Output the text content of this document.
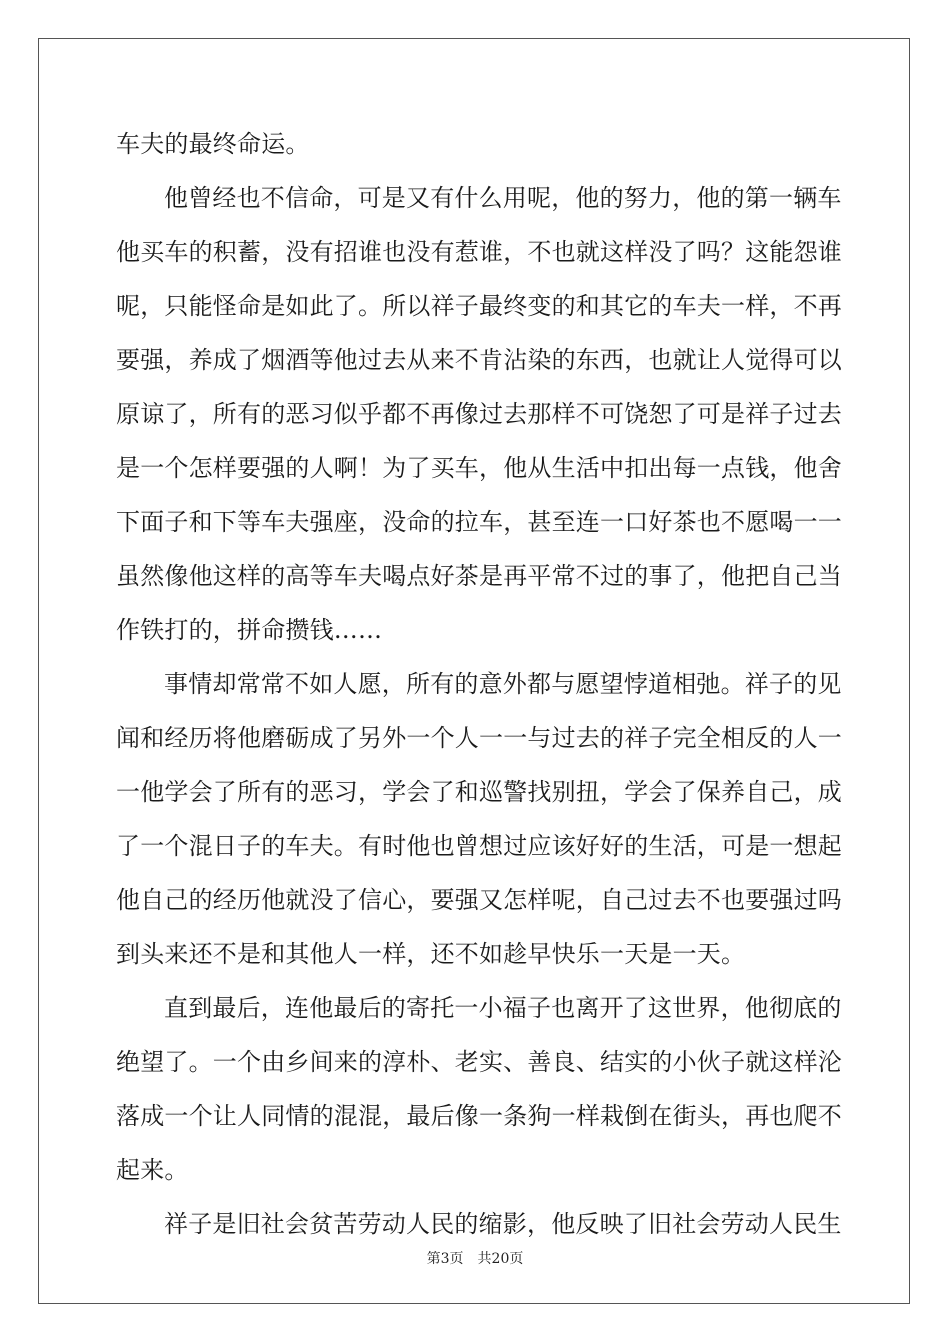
车夫的最终命运。
他曾经也不信命，可是又有什么用呢，他的努力，他的第一辆车
他买车的积蓄，没有招谁也没有惹谁，不也就这样没了吗？这能怨谁
呢，只能怪命是如此了。所以祥子最终变的和其它的车夫一样，不再
要强，养成了烟酒等他过去从来不肯沾染的东西，也就让人觉得可以
原谅了，所有的恶习似乎都不再像过去那样不可饶恕了可是祥子过去
是一个怎样要强的人啊！为了买车，他从生活中扣出每一点钱，他舍
下面子和下等车夫强座，没命的拉车，甚至连一口好茶也不愿喝一一
虽然像他这样的高等车夫喝点好茶是再平常不过的事了，他把自己当
作铁打的，拼命攒钱……
事情却常常不如人愿，所有的意外都与愿望悖道相弛。祥子的见
闻和经历将他磨砺成了另外一个人一一与过去的祥子完全相反的人一
一他学会了所有的恶习，学会了和巡警找别扭，学会了保养自己，成
了一个混日子的车夫。有时他也曾想过应该好好的生活，可是一想起
他自己的经历他就没了信心，要强又怎样呢，自己过去不也要强过吗
到头来还不是和其他人一样，还不如趁早快乐一天是一天。
直到最后，连他最后的寄托一小福子也离开了这世界，他彻底的
绝望了。一个由乡间来的淳朴、老实、善良、结实的小伙子就这样沦
落成一个让人同情的混混，最后像一条狗一样栽倒在街头，再也爬不
起来。
祥子是旧社会贫苦劳动人民的缩影，他反映了旧社会劳动人民生
第3页 共20页
